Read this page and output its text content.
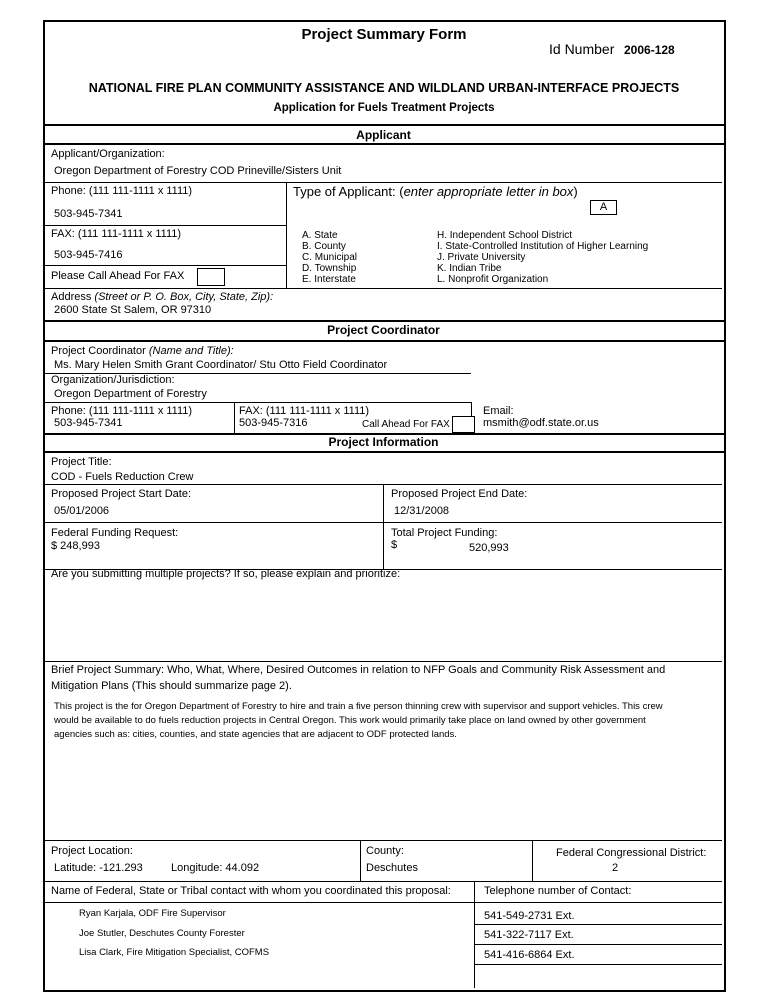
Project Summary Form
Id Number 2006-128
NATIONAL FIRE PLAN COMMUNITY ASSISTANCE AND WILDLAND URBAN-INTERFACE PROJECTS
Application for Fuels Treatment Projects
Applicant
Applicant/Organization:
Oregon Department of Forestry COD Prineville/Sisters Unit
Phone: (111 111-1111 x 1111)
503-945-7341
FAX: (111 111-1111 x 1111)
503-945-7416
Please Call Ahead For FAX
Type of Applicant: (enter appropriate letter in box)
A
A. State
B. County
C. Municipal
D. Township
E. Interstate
H. Independent School District
I. State-Controlled Institution of Higher Learning
J. Private University
K. Indian Tribe
L. Nonprofit Organization
Address (Street or P. O. Box, City, State, Zip):
2600 State St Salem, OR 97310
Project Coordinator
Project Coordinator (Name and Title):
Ms. Mary Helen Smith Grant Coordinator/ Stu Otto Field Coordinator
Organization/Jurisdiction:
Oregon Department of Forestry
Phone: (111 111-1111 x 1111)
503-945-7341
FAX: (111 111-1111 x 1111)
503-945-7316	Call Ahead For FAX
Email:
msmith@odf.state.or.us
Project Information
Project Title:
COD - Fuels Reduction Crew
Proposed Project Start Date:
05/01/2006
Proposed Project End Date:
12/31/2008
Federal Funding Request:
$ 248,993
Total Project Funding:
$	520,993
Are you submitting multiple projects? If so, please explain and prioritize:
Brief Project Summary: Who, What, Where, Desired Outcomes in relation to NFP Goals and Community Risk Assessment and
Mitigation Plans (This should summarize page 2).
This project is the for Oregon Department of Forestry to hire and train a five person thinning crew with supervisor and support vehicles. This crew
would be available to do fuels reduction projects in Central Oregon. This work would primarily take place on land owned by other government
agencies such as: cities, counties, and state agencies that are adjacent to ODF protected lands.
Project Location:
Latitude: -121.293	Longitude: 44.092
County:
Deschutes
Federal Congressional District:
2
Name of Federal, State or Tribal contact with whom you coordinated this proposal:	Telephone number of Contact:
Ryan Karjala, ODF Fire Supervisor	541-549-2731 Ext.
Joe Stutler, Deschutes County Forester	541-322-7117 Ext.
Lisa Clark, Fire Mitigation Specialist, COFMS	541-416-6864 Ext.
